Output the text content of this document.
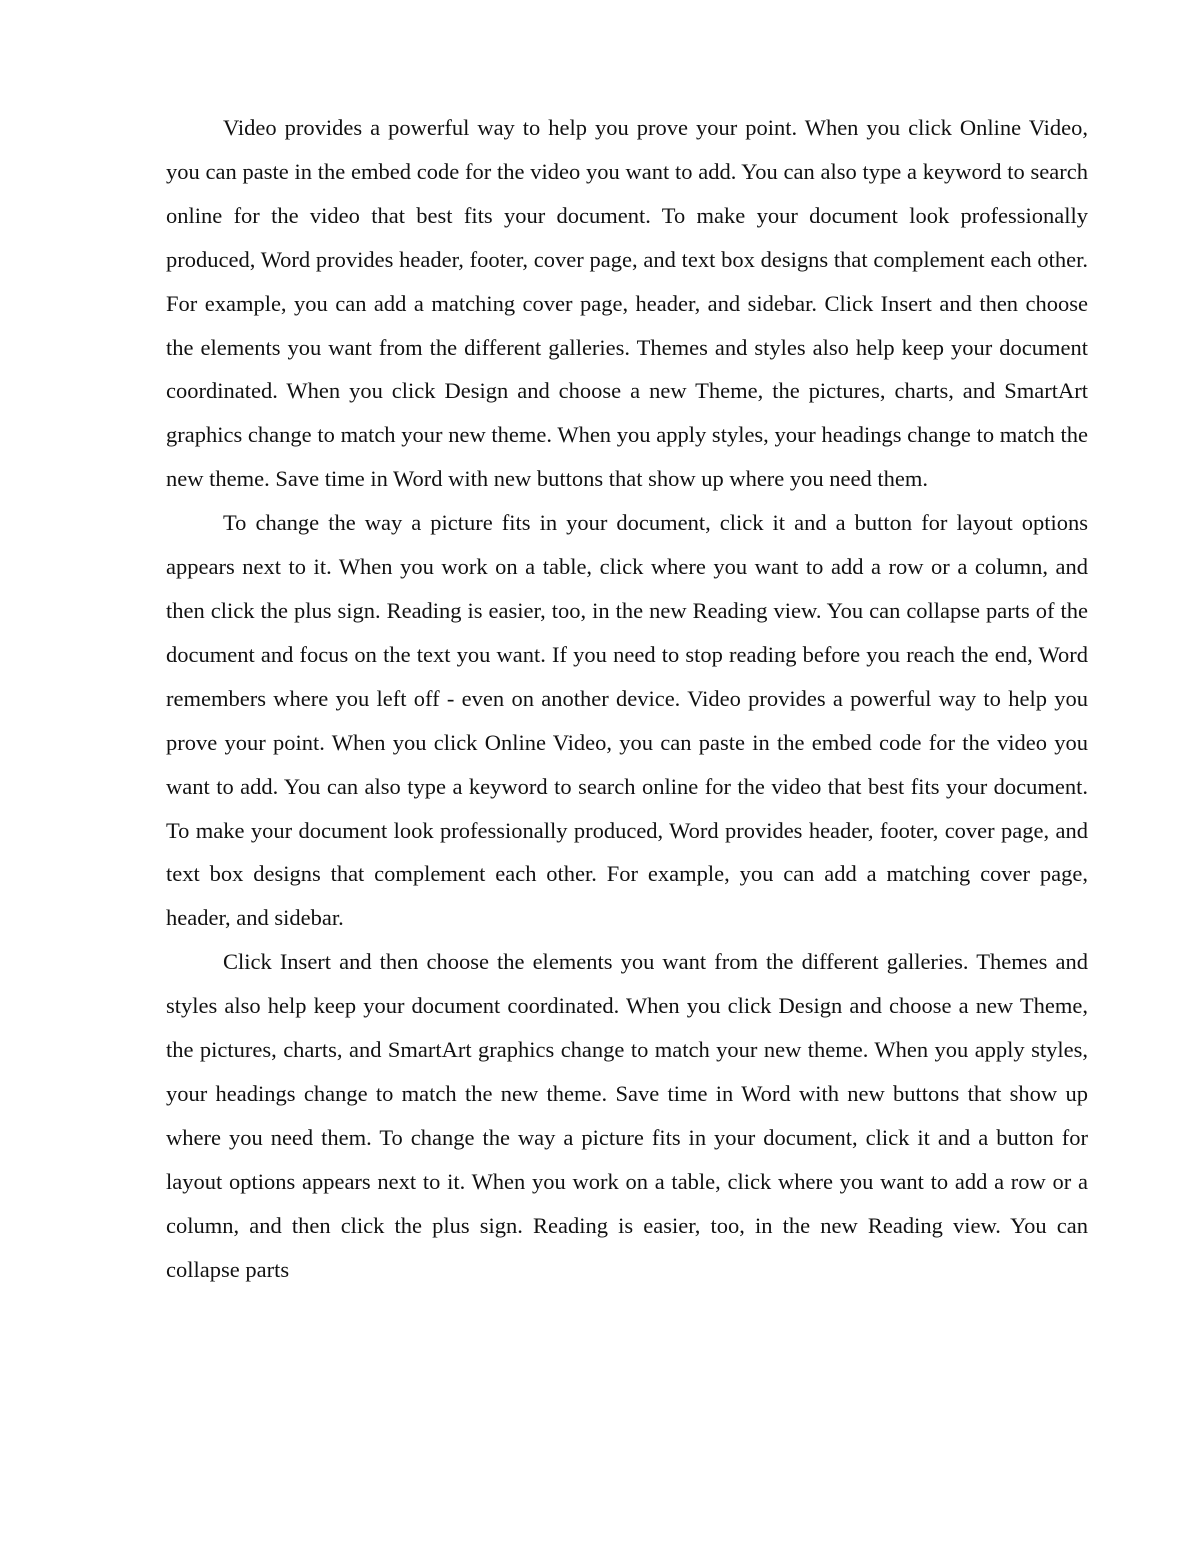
Video provides a powerful way to help you prove your point. When you click Online Video, you can paste in the embed code for the video you want to add. You can also type a keyword to search online for the video that best fits your document. To make your document look professionally produced, Word provides header, footer, cover page, and text box designs that complement each other. For example, you can add a matching cover page, header, and sidebar. Click Insert and then choose the elements you want from the different galleries. Themes and styles also help keep your document coordinated. When you click Design and choose a new Theme, the pictures, charts, and SmartArt graphics change to match your new theme. When you apply styles, your headings change to match the new theme. Save time in Word with new buttons that show up where you need them.

To change the way a picture fits in your document, click it and a button for layout options appears next to it. When you work on a table, click where you want to add a row or a column, and then click the plus sign. Reading is easier, too, in the new Reading view. You can collapse parts of the document and focus on the text you want. If you need to stop reading before you reach the end, Word remembers where you left off - even on another device. Video provides a powerful way to help you prove your point. When you click Online Video, you can paste in the embed code for the video you want to add. You can also type a keyword to search online for the video that best fits your document. To make your document look professionally produced, Word provides header, footer, cover page, and text box designs that complement each other. For example, you can add a matching cover page, header, and sidebar.

Click Insert and then choose the elements you want from the different galleries. Themes and styles also help keep your document coordinated. When you click Design and choose a new Theme, the pictures, charts, and SmartArt graphics change to match your new theme. When you apply styles, your headings change to match the new theme. Save time in Word with new buttons that show up where you need them. To change the way a picture fits in your document, click it and a button for layout options appears next to it. When you work on a table, click where you want to add a row or a column, and then click the plus sign. Reading is easier, too, in the new Reading view. You can collapse parts
